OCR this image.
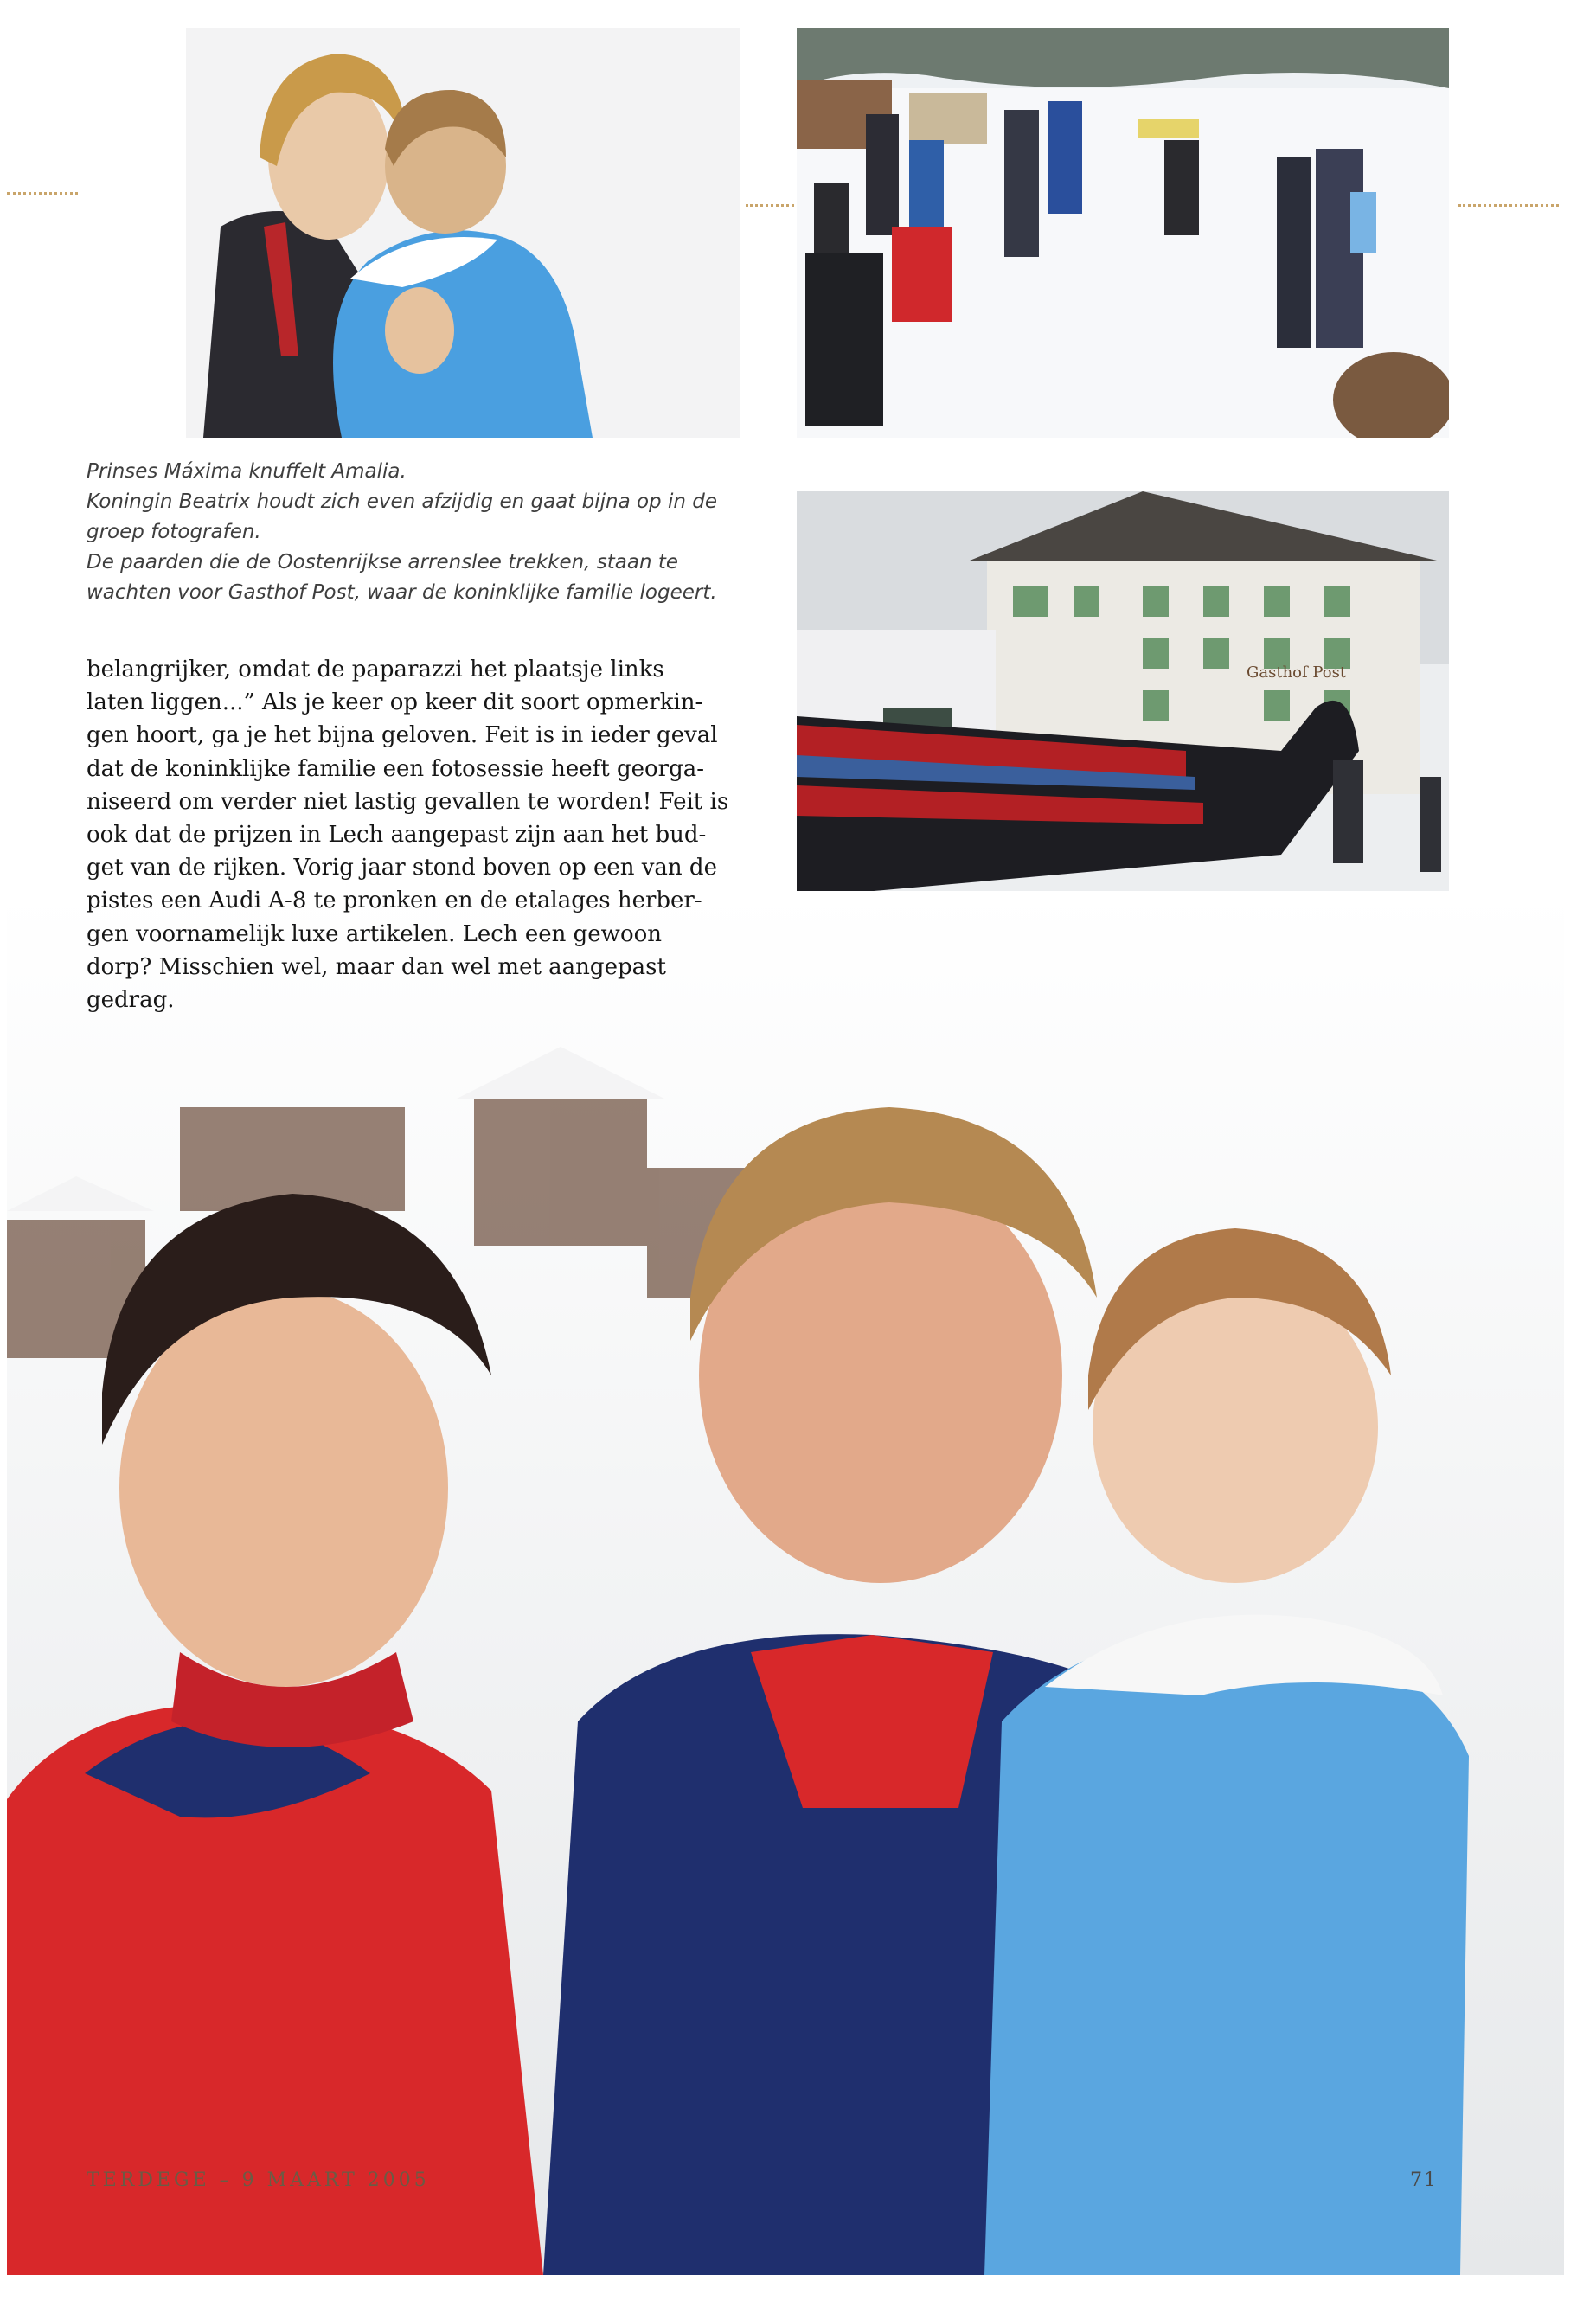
Gasthof Post

Prinses Máxima knuffelt Amalia.

Koningin Beatrix houdt zich even afzijdig en gaat bijna op in de groep fotografen.

De paarden die de Oostenrijkse arrenslee trekken, staan te wachten voor Gasthof Post, waar de koninklijke familie logeert.

belangrijker, omdat de paparazzi het plaatsje links
laten liggen...” Als je keer op keer dit soort opmerkin-
gen hoort, ga je het bijna geloven. Feit is in ieder geval
dat de koninklijke familie een fotosessie heeft georga-
niseerd om verder niet lastig gevallen te worden! Feit is
ook dat de prijzen in Lech aangepast zijn aan het bud-
get van de rijken. Vorig jaar stond boven op een van de
pistes een Audi A-8 te pronken en de etalages herber-
gen voornamelijk luxe artikelen. Lech een gewoon
dorp? Misschien wel, maar dan wel met aangepast
gedrag.
TERDEGE – 9 MAART 2005	71
